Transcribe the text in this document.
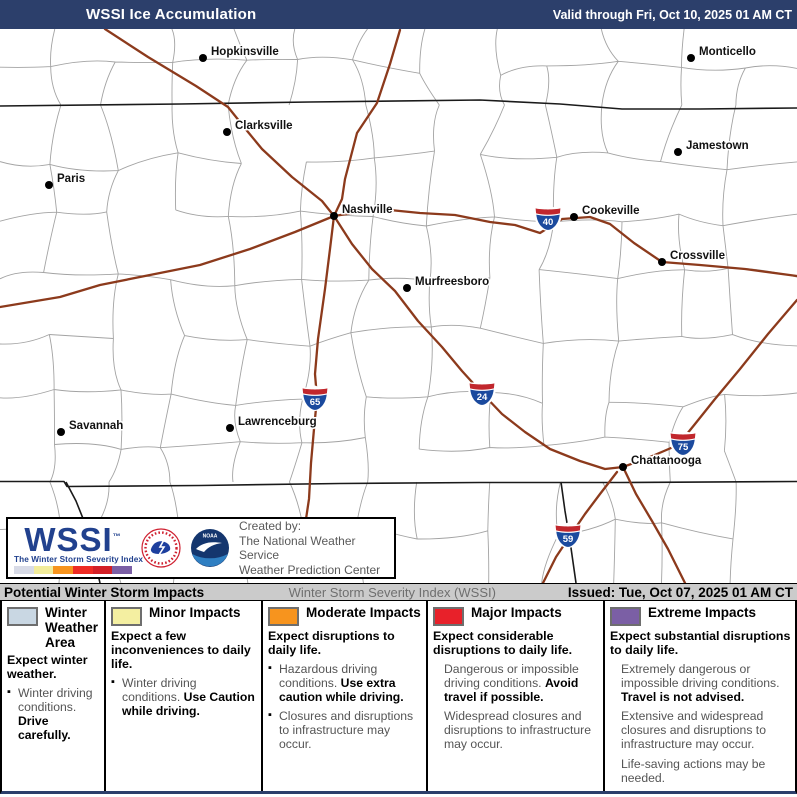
WSSI Ice Accumulation	Valid through Fri, Oct 10, 2025 01 AM CT
40
65	24
75
59
Hopkinsville	Monticello
Clarksville
Jamestown
Paris
Nashville	Cookeville
Crossville
Murfreesboro
Savannah	Lawrenceburg
Chattanooga
WSSI™
The Winter Storm Severity Index
NOAA
Created by:
The National Weather Service
Weather Prediction Center
Potential Winter Storm Impacts	Winter Storm Severity Index (WSSI)	Issued: Tue, Oct 07, 2025 01 AM CT
Winter Weather Area
Expect winter weather.
▪ Winter driving conditions. Drive carefully.
Minor Impacts
Expect a few inconveniences to daily life.
▪ Winter driving conditions. Use Caution while driving.
Moderate Impacts
Expect disruptions to daily life.
▪ Hazardous driving conditions. Use extra caution while driving.
▪ Closures and disruptions to infrastructure may occur.
Major Impacts
Expect considerable disruptions to daily life.
Dangerous or impossible driving conditions. Avoid travel if possible.
Widespread closures and disruptions to infrastructure may occur.
Extreme Impacts
Expect substantial disruptions to daily life.
Extremely dangerous or impossible driving conditions. Travel is not advised.
Extensive and widespread closures and disruptions to infrastructure may occur.
Life-saving actions may be needed.
